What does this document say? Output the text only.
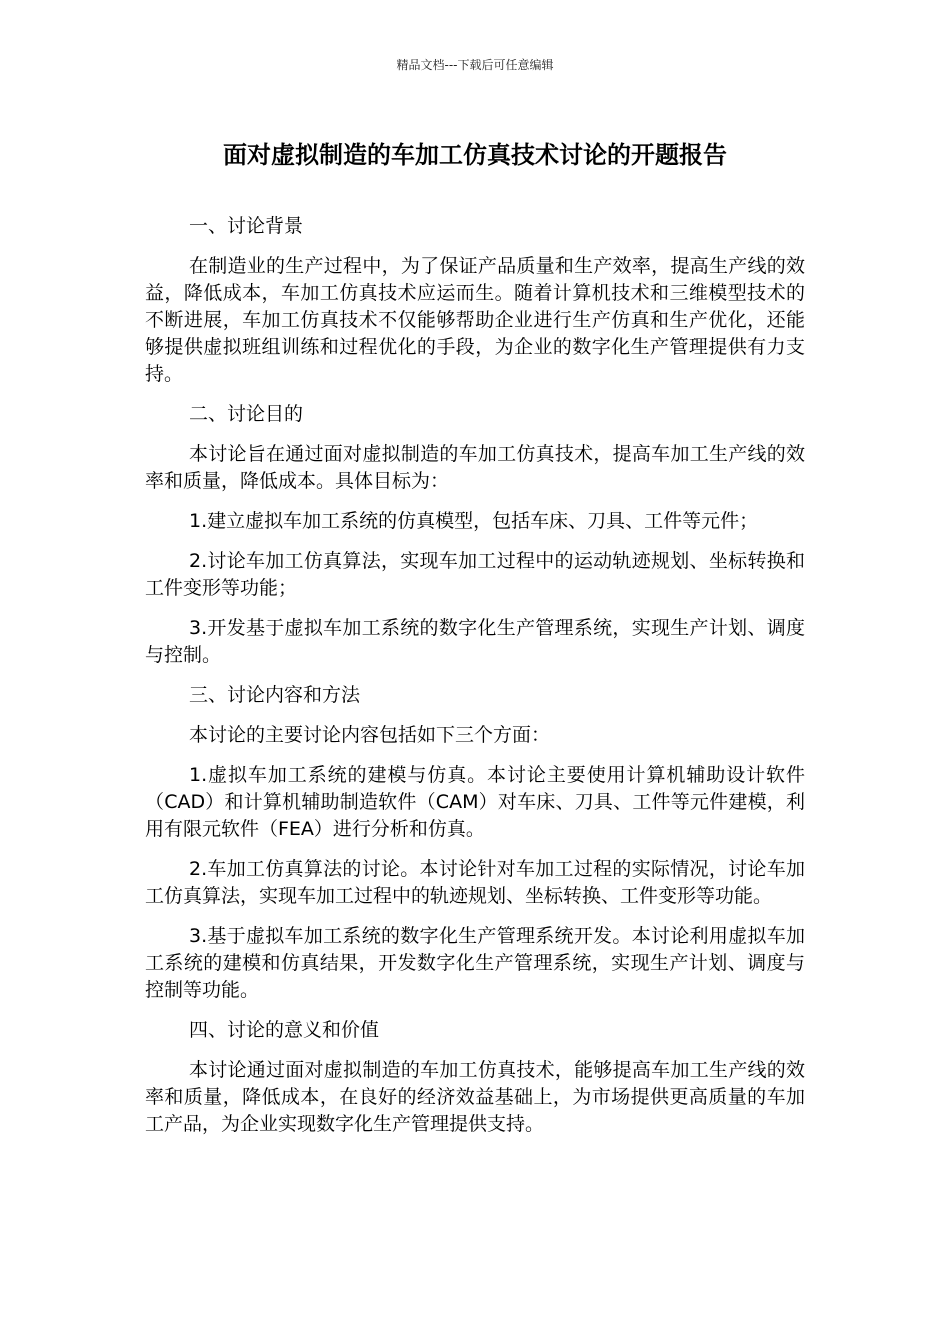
精品文档---下载后可任意编辑
面对虚拟制造的车加工仿真技术讨论的开题报告

一、讨论背景

在制造业的生产过程中，为了保证产品质量和生产效率，提高生产线的效益，降低成本，车加工仿真技术应运而生。随着计算机技术和三维模型技术的不断进展，车加工仿真技术不仅能够帮助企业进行生产仿真和生产优化，还能够提供虚拟班组训练和过程优化的手段，为企业的数字化生产管理提供有力支持。

二、讨论目的

本讨论旨在通过面对虚拟制造的车加工仿真技术，提高车加工生产线的效率和质量，降低成本。具体目标为：

1.建立虚拟车加工系统的仿真模型，包括车床、刀具、工件等元件；

2.讨论车加工仿真算法，实现车加工过程中的运动轨迹规划、坐标转换和工件变形等功能；

3.开发基于虚拟车加工系统的数字化生产管理系统，实现生产计划、调度与控制。

三、讨论内容和方法

本讨论的主要讨论内容包括如下三个方面：

1.虚拟车加工系统的建模与仿真。本讨论主要使用计算机辅助设计软件（CAD）和计算机辅助制造软件（CAM）对车床、刀具、工件等元件建模，利用有限元软件（FEA）进行分析和仿真。

2.车加工仿真算法的讨论。本讨论针对车加工过程的实际情况，讨论车加工仿真算法，实现车加工过程中的轨迹规划、坐标转换、工件变形等功能。

3.基于虚拟车加工系统的数字化生产管理系统开发。本讨论利用虚拟车加工系统的建模和仿真结果，开发数字化生产管理系统，实现生产计划、调度与控制等功能。

四、讨论的意义和价值

本讨论通过面对虚拟制造的车加工仿真技术，能够提高车加工生产线的效率和质量，降低成本，在良好的经济效益基础上，为市场提供更高质量的车加工产品，为企业实现数字化生产管理提供支持。
